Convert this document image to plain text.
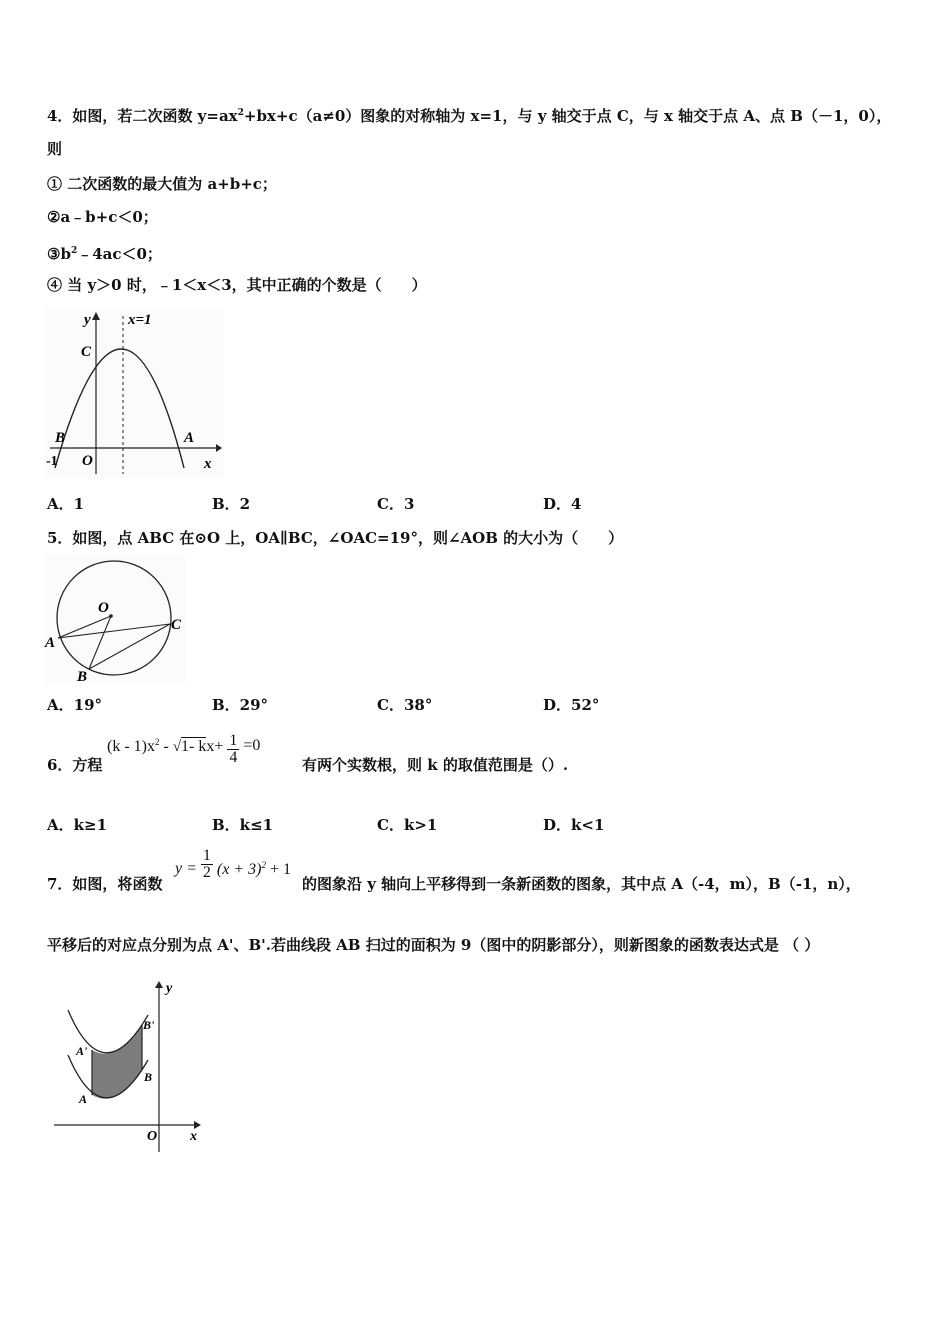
4．如图，若二次函数 $y=ax^2+bx+c(a\ne 0)$图象的对称轴为 x=1，与 y 轴交于点 C，与 x 轴交于点 A、点 B（－1，0），
则
① 二次函数的最大值为 a+b+c；
②a﹣b+c＜0；
$③b^2﹣4ac<0$；
④ 当 y＞0 时，﹣1＜x＜3，其中正确的个数是（　　）
y x=1
C
B	A
O
-1	x
A．1	B．2	C．3	D．4
5．如图，点 ABC 在⊙O 上，OA∥BC，∠OAC=19°，则∠AOB 的大小为（　　）
O
A
B
C
A．19°	B．29°	C．38°	D．52°
6．方程
$(k - 1)x^2 - √1-$ $kx+ \frac{1}{4} =0$
有两个实数根，则 k 的取值范围是（）.
A．k≥1	B．k≤1	C．k>1	D．k<1
7．如图，将函数
$y = \frac{1}{2} (x + 3)^2 + 1$
的图象沿 y 轴向上平移得到一条新函数的图象，其中点 A（-4，m），B（-1，n），
平移后的对应点分别为点 A'、B'.若曲线段 AB 扫过的面积为 9（图中的阴影部分），则新图象的函数表达式是 （ ）
y
x
O
A
B
A'
B'
